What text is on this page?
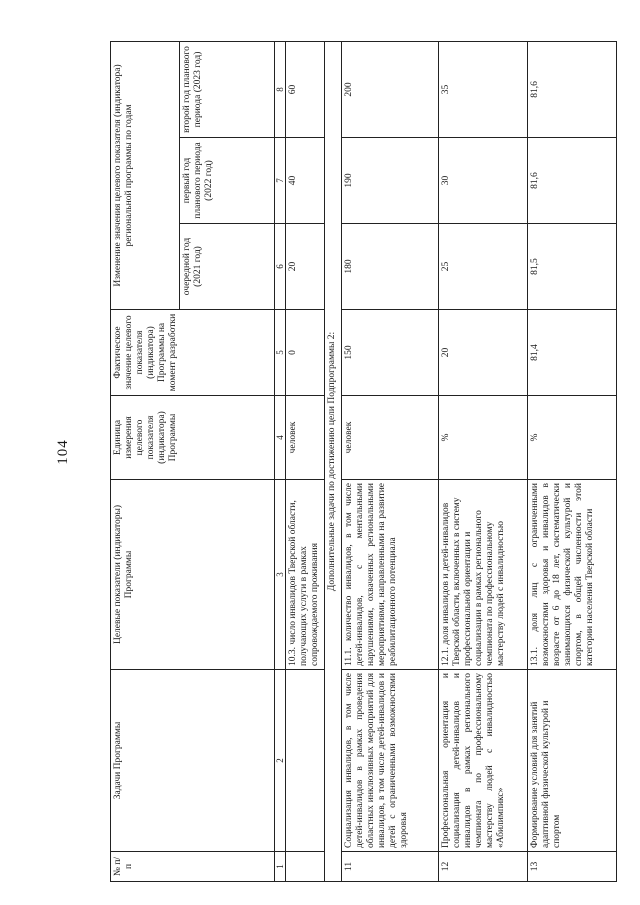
104
№ п/п	Задачи Программы	Целевые показатели (индикаторы) Программы	Единица измерения целевого показателя (индикатора) Программы	Фактическое значение целевого показателя (индикатора) Программы на момент разработки	Изменение значения целевого показателя (индикатора) региональной программы по годам		
					очередной год (2021 год)	первый год планового периода (2022 год)	второй год планового периода (2023 год)
1	2	3	4	5	6	7	8
		10.3. число инвалидов Тверской области, получающих услуги в рамках сопровождаемого проживания	человек	0	20	40	60
Дополнительные задачи по достижению цели Подпрограммы 2:							
11	Социализация инвалидов, в том числе детей-инвалидов в рамках проведения областных инклюзивных мероприятий для инвалидов, в том числе детей-инвалидов и детей с ограниченными возможностями здоровья	11.1. количество инвалидов, в том числе детей-инвалидов, с ментальными нарушениями, охваченных региональными мероприятиями, направленными на развитие реабилитационного потенциала	человек	150	180	190	200
12	Профессиональная ориентация и социализация детей-инвалидов и инвалидов в рамках регионального чемпионата по профессиональному мастерству людей с инвалидностью «Абилимпикс»	12.1. доля инвалидов и детей-инвалидов Тверской области, включенных в систему профессиональной ориентации и социализации в рамках регионального чемпионата по профессиональному мастерству людей с инвалидностью	%	20	25	30	35
13	Формирование условий для занятий адаптивной физической культурой и спортом	13.1. доля лиц с ограниченными возможностями здоровья и инвалидов в возрасте от 6 до 18 лет, систематически занимающихся физической культурой и спортом, в общей численности этой категории населения Тверской области	%	81,4	81,5	81,6	81,6
